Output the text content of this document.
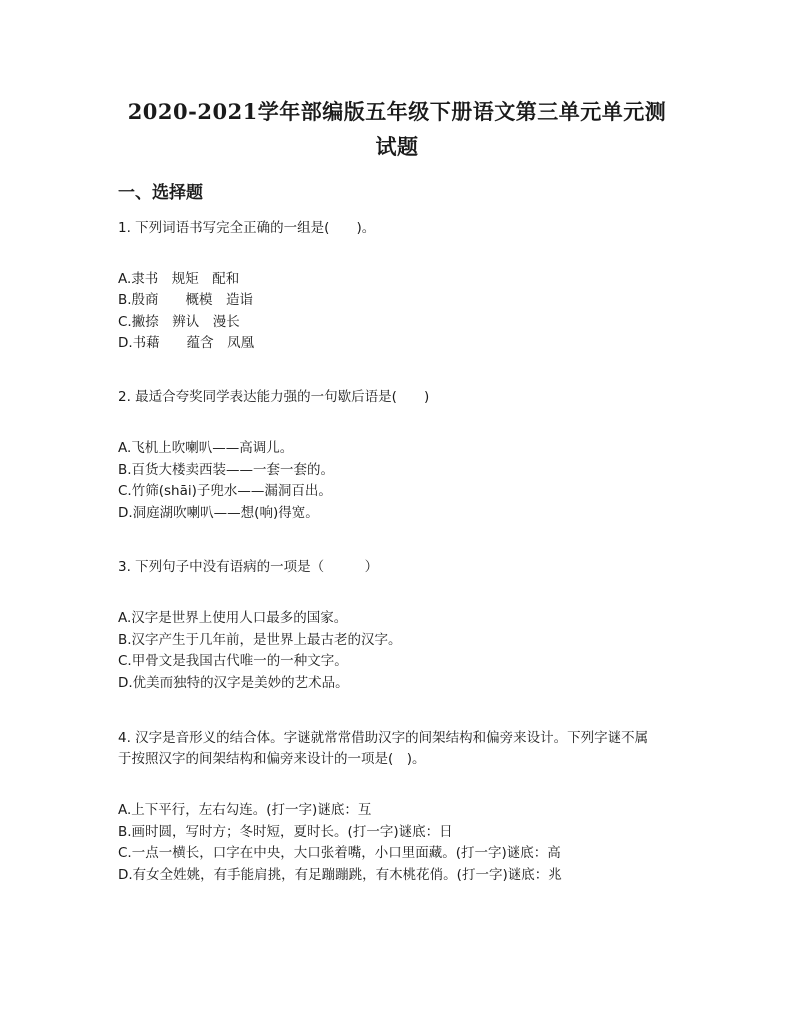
2020-2021学年部编版五年级下册语文第三单元单元测
试题
一、选择题
1. 下列词语书写完全正确的一组是(　　)。
A.隶书　规矩　配和
B.殷商　　概模　造诣
C.撇捺　辨认　漫长
D.书藉　　蕴含　凤凰
2. 最适合夸奖同学表达能力强的一句歇后语是(　　)
A.飞机上吹喇叭——高调儿。
B.百货大楼卖西装——一套一套的。
C.竹筛(shāi)子兜水——漏洞百出。
D.洞庭湖吹喇叭——想(响)得宽。
3. 下列句子中没有语病的一项是（　　　）
A.汉字是世界上使用人口最多的国家。
B.汉字产生于几年前，是世界上最古老的汉字。
C.甲骨文是我国古代唯一的一种文字。
D.优美而独特的汉字是美妙的艺术品。
4. 汉字是音形义的结合体。字谜就常常借助汉字的间架结构和偏旁来设计。下列字谜不属
于按照汉字的间架结构和偏旁来设计的一项是(　)。
A.上下平行，左右勾连。(打一字)谜底：互
B.画时圆，写时方；冬时短，夏时长。(打一字)谜底：日
C.一点一横长，口字在中央，大口张着嘴，小口里面藏。(打一字)谜底：高
D.有女全姓姚，有手能肩挑，有足蹦蹦跳，有木桃花俏。(打一字)谜底：兆
